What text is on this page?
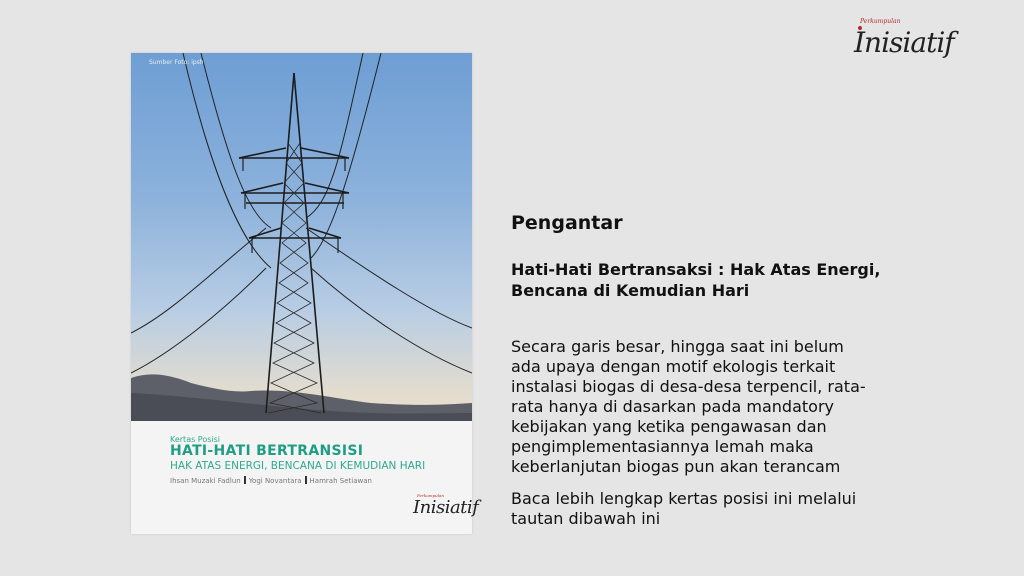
Perkumpulan
Inisiatif
Sumber Foto: ipsh
Kertas Posisi
HATI-HATI BERTRANSISI
HAK ATAS ENERGI, BENCANA DI KEMUDIAN HARI
Ihsan Muzaki Fadlun Yogi Novantara Hamrah Setiawan
Perkumpulan
Inisiatif
Pengantar
Hati-Hati Bertransaksi : Hak Atas Energi,
Bencana di Kemudian Hari
Secara garis besar, hingga saat ini belum
ada upaya dengan motif ekologis terkait
instalasi biogas di desa-desa terpencil, rata-
rata hanya di dasarkan pada mandatory
kebijakan yang ketika pengawasan dan
pengimplementasiannya lemah maka
keberlanjutan biogas pun akan terancam
Baca lebih lengkap kertas posisi ini melalui
tautan dibawah ini
